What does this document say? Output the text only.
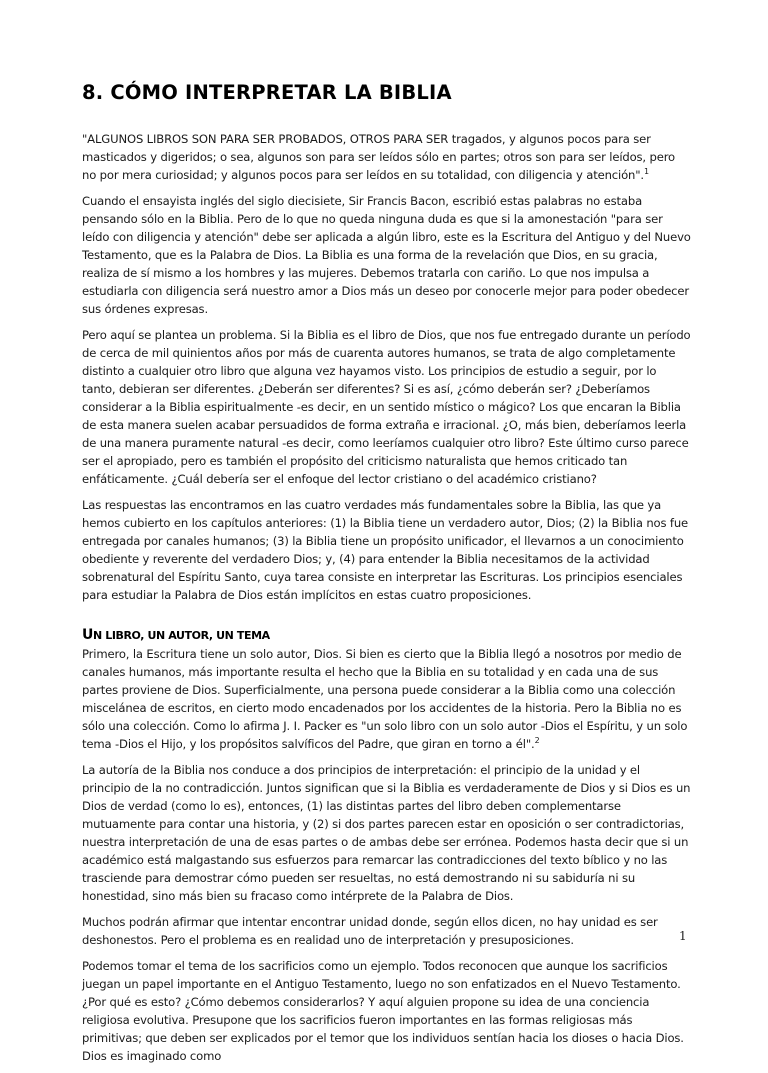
8. CÓMO INTERPRETAR LA BIBLIA

"ALGUNOS LIBROS SON PARA SER PROBADOS, OTROS PARA SER tragados, y algunos pocos para ser masticados y digeridos; o sea, algunos son para ser leídos sólo en partes; otros son para ser leídos, pero no por mera curiosidad; y algunos pocos para ser leídos en su totalidad, con diligencia y atención".$^1$

Cuando el ensayista inglés del siglo diecisiete, Sir Francis Bacon, escribió estas palabras no estaba pensando sólo en la Biblia. Pero de lo que no queda ninguna duda es que si la amonestación "para ser leído con diligencia y atención" debe ser aplicada a algún libro, este es la Escritura del Antiguo y del Nuevo Testamento, que es la Palabra de Dios. La Biblia es una forma de la revelación que Dios, en su gracia, realiza de sí mismo a los hombres y las mujeres. Debemos tratarla con cariño. Lo que nos impulsa a estudiarla con diligencia será nuestro amor a Dios más un deseo por conocerle mejor para poder obedecer sus órdenes expresas.

Pero aquí se plantea un problema. Si la Biblia es el libro de Dios, que nos fue entregado durante un período de cerca de mil quinientos años por más de cuarenta autores humanos, se trata de algo completamente distinto a cualquier otro libro que alguna vez hayamos visto. Los principios de estudio a seguir, por lo tanto, debieran ser diferentes. ¿Deberán ser diferentes? Si es así, ¿cómo deberán ser? ¿Deberíamos considerar a la Biblia espiritualmente -es decir, en un sentido místico o mágico? Los que encaran la Biblia de esta manera suelen acabar persuadidos de forma extraña e irracional. ¿O, más bien, deberíamos leerla de una manera puramente natural -es decir, como leeríamos cualquier otro libro? Este último curso parece ser el apropiado, pero es también el propósito del criticismo naturalista que hemos criticado tan enfáticamente. ¿Cuál debería ser el enfoque del lector cristiano o del académico cristiano?

Las respuestas las encontramos en las cuatro verdades más fundamentales sobre la Biblia, las que ya hemos cubierto en los capítulos anteriores: (1) la Biblia tiene un verdadero autor, Dios; (2) la Biblia nos fue entregada por canales humanos; (3) la Biblia tiene un propósito unificador, el llevarnos a un conocimiento obediente y reverente del verdadero Dios; y, (4) para entender la Biblia necesitamos de la actividad sobrenatural del Espíritu Santo, cuya tarea consiste en interpretar las Escrituras. Los principios esenciales para estudiar la Palabra de Dios están implícitos en estas cuatro proposiciones.

UN LIBRO, UN AUTOR, UN TEMA

Primero, la Escritura tiene un solo autor, Dios. Si bien es cierto que la Biblia llegó a nosotros por medio de canales humanos, más importante resulta el hecho que la Biblia en su totalidad y en cada una de sus partes proviene de Dios. Superficialmente, una persona puede considerar a la Biblia como una colección miscelánea de escritos, en cierto modo encadenados por los accidentes de la historia. Pero la Biblia no es sólo una colección. Como lo afirma J. I. Packer es "un solo libro con un solo autor -Dios el Espíritu, y un solo tema -Dios el Hijo, y los propósitos salvíficos del Padre, que giran en torno a él".$^2$

La autoría de la Biblia nos conduce a dos principios de interpretación: el principio de la unidad y el principio de la no contradicción. Juntos significan que si la Biblia es verdaderamente de Dios y si Dios es un Dios de verdad (como lo es), entonces, (1) las distintas partes del libro deben complementarse mutuamente para contar una historia, y (2) si dos partes parecen estar en oposición o ser contradictorias, nuestra interpretación de una de esas partes o de ambas debe ser errónea. Podemos hasta decir que si un académico está malgastando sus esfuerzos para remarcar las contradicciones del texto bíblico y no las trasciende para demostrar cómo pueden ser resueltas, no está demostrando ni su sabiduría ni su honestidad, sino más bien su fracaso como intérprete de la Palabra de Dios.

Muchos podrán afirmar que intentar encontrar unidad donde, según ellos dicen, no hay unidad es ser deshonestos. Pero el problema es en realidad uno de interpretación y presuposiciones.

Podemos tomar el tema de los sacrificios como un ejemplo. Todos reconocen que aunque los sacrificios juegan un papel importante en el Antiguo Testamento, luego no son enfatizados en el Nuevo Testamento. ¿Por qué es esto? ¿Cómo debemos considerarlos? Y aquí alguien propone su idea de una conciencia religiosa evolutiva. Presupone que los sacrificios fueron importantes en las formas religiosas más primitivas; que deben ser explicados por el temor que los individuos sentían hacia los dioses o hacia Dios. Dios es imaginado como

1
